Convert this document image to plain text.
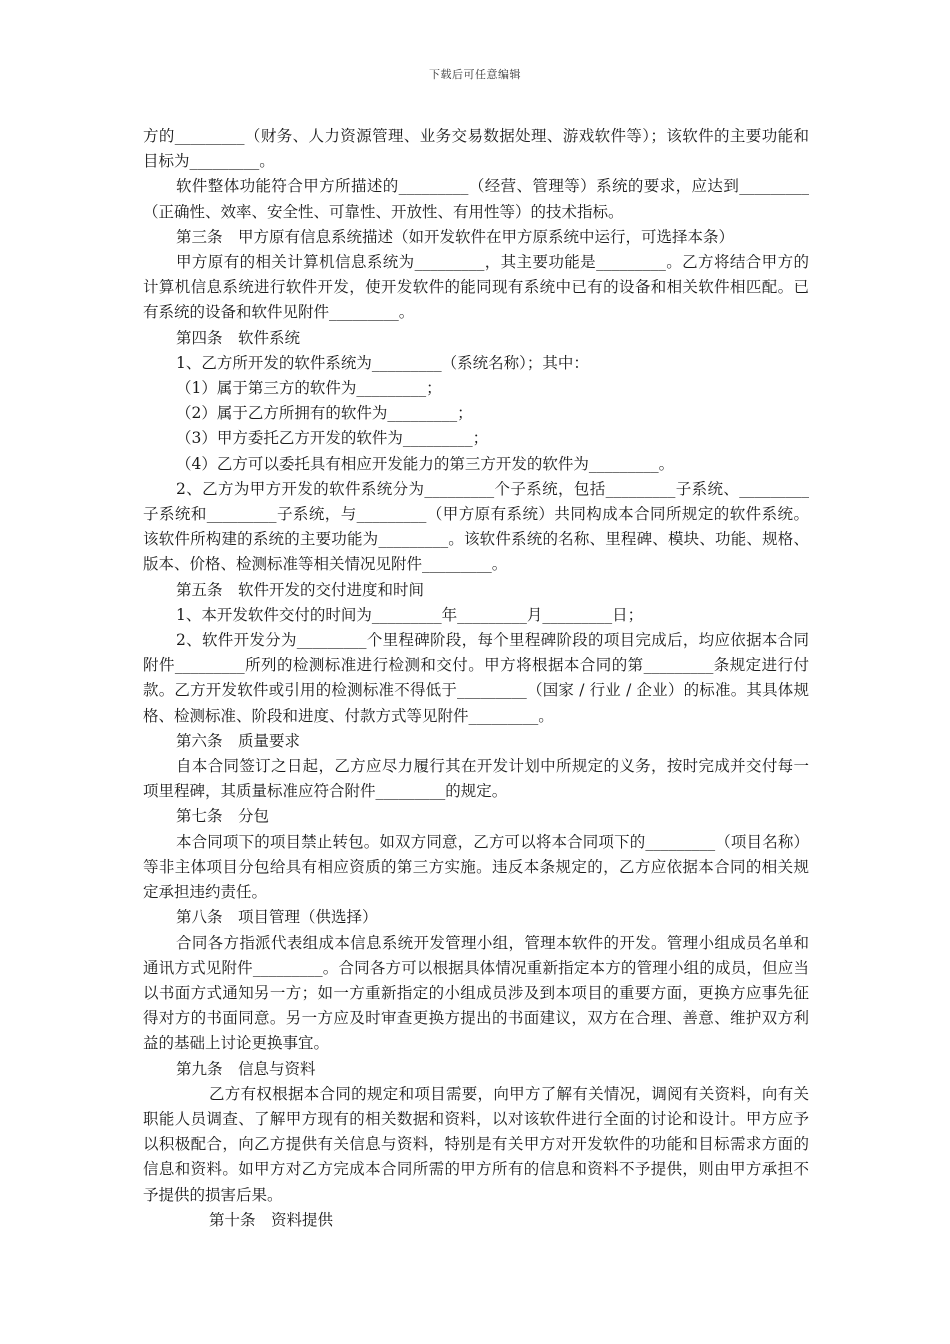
下载后可任意编辑

方的_________（财务、人力资源管理、业务交易数据处理、游戏软件等）；该软件的主要功能和目标为_________。

软件整体功能符合甲方所描述的_________（经营、管理等）系统的要求，应达到_________（正确性、效率、安全性、可靠性、开放性、有用性等）的技术指标。

第三条　甲方原有信息系统描述（如开发软件在甲方原系统中运行，可选择本条）

甲方原有的相关计算机信息系统为_________，其主要功能是_________。乙方将结合甲方的计算机信息系统进行软件开发，使开发软件的能同现有系统中已有的设备和相关软件相匹配。已有系统的设备和软件见附件_________。

第四条　软件系统

1、乙方所开发的软件系统为_________（系统名称）；其中：

（1）属于第三方的软件为_________；

（2）属于乙方所拥有的软件为_________；

（3）甲方委托乙方开发的软件为_________；

（4）乙方可以委托具有相应开发能力的第三方开发的软件为_________。

2、乙方为甲方开发的软件系统分为_________个子系统，包括_________子系统、_________子系统和_________子系统，与_________（甲方原有系统）共同构成本合同所规定的软件系统。该软件所构建的系统的主要功能为_________。该软件系统的名称、里程碑、模块、功能、规格、版本、价格、检测标准等相关情况见附件_________。

第五条　软件开发的交付进度和时间

1、本开发软件交付的时间为_________年_________月_________日；

2、软件开发分为_________个里程碑阶段，每个里程碑阶段的项目完成后，均应依据本合同附件_________所列的检测标准进行检测和交付。甲方将根据本合同的第_________条规定进行付款。乙方开发软件或引用的检测标准不得低于_________（国家 / 行业 / 企业）的标准。其具体规格、检测标准、阶段和进度、付款方式等见附件_________。

第六条　质量要求

自本合同签订之日起，乙方应尽力履行其在开发计划中所规定的义务，按时完成并交付每一项里程碑，其质量标准应符合附件_________的规定。

第七条　分包

本合同项下的项目禁止转包。如双方同意，乙方可以将本合同项下的_________（项目名称）等非主体项目分包给具有相应资质的第三方实施。违反本条规定的，乙方应依据本合同的相关规定承担违约责任。

第八条　项目管理（供选择）

合同各方指派代表组成本信息系统开发管理小组，管理本软件的开发。管理小组成员名单和通讯方式见附件_________。合同各方可以根据具体情况重新指定本方的管理小组的成员，但应当以书面方式通知另一方；如一方重新指定的小组成员涉及到本项目的重要方面，更换方应事先征得对方的书面同意。另一方应及时审查更换方提出的书面建议，双方在合理、善意、维护双方利益的基础上讨论更换事宜。

第九条　信息与资料

乙方有权根据本合同的规定和项目需要，向甲方了解有关情况，调阅有关资料，向有关职能人员调查、了解甲方现有的相关数据和资料，以对该软件进行全面的讨论和设计。甲方应予以积极配合，向乙方提供有关信息与资料，特别是有关甲方对开发软件的功能和目标需求方面的信息和资料。如甲方对乙方完成本合同所需的甲方所有的信息和资料不予提供，则由甲方承担不予提供的损害后果。

第十条　资料提供
